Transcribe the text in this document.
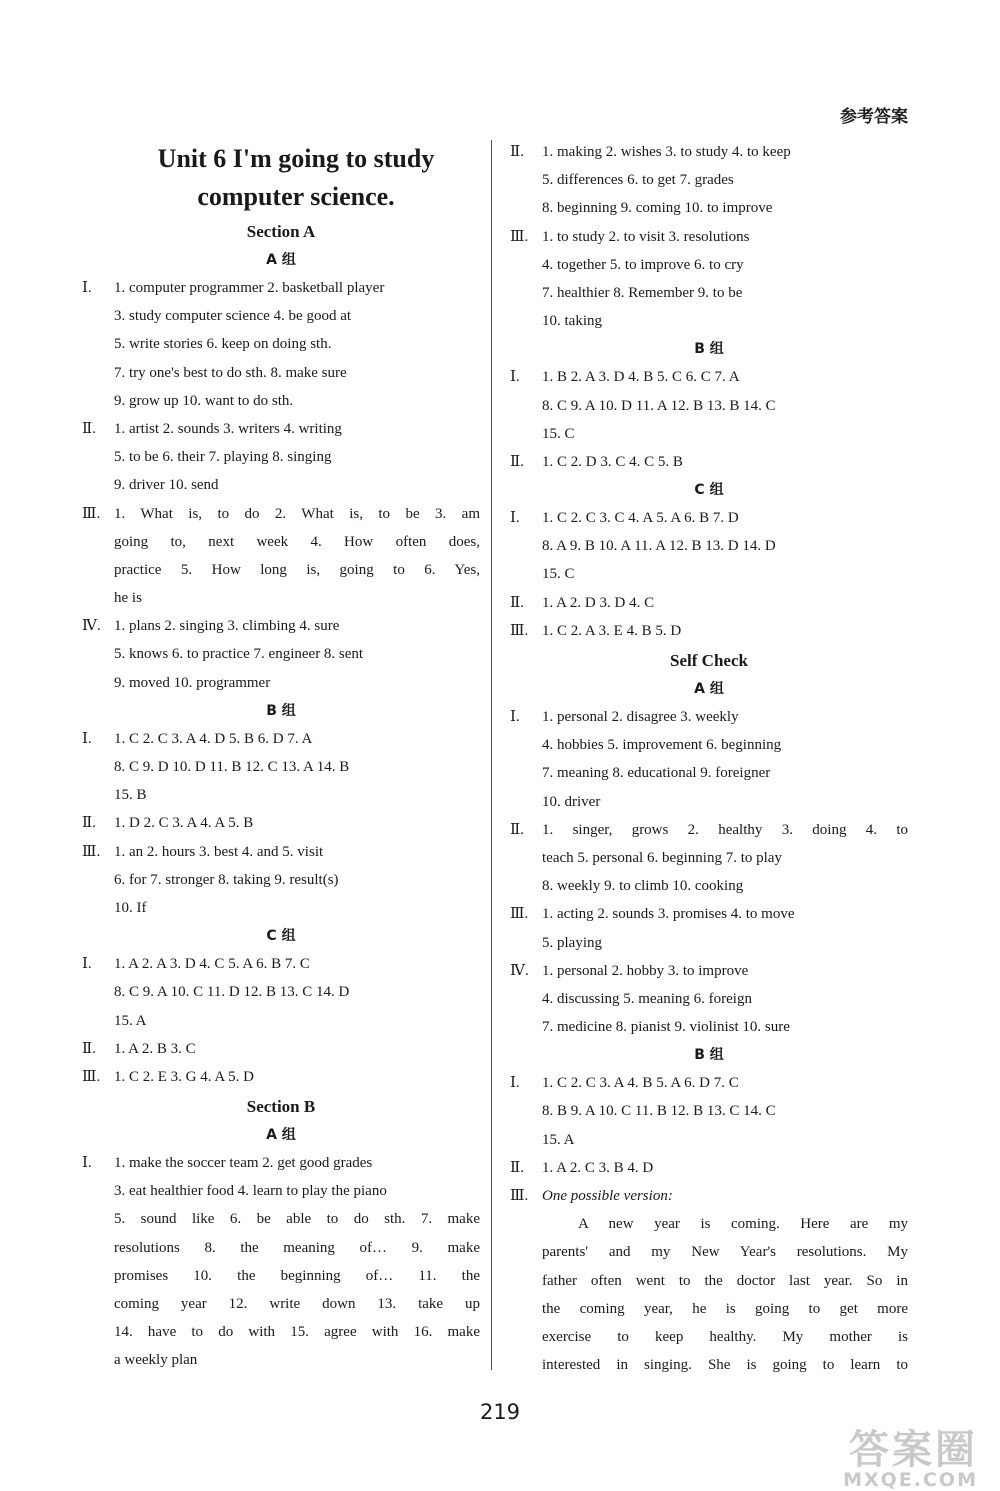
参考答案
Unit 6 I'm going to study
computer science.
Section A
A 组
Ⅰ. 1. computer programmer 2. basketball player
3. study computer science 4. be good at
5. write stories 6. keep on doing sth.
7. try one's best to do sth. 8. make sure
9. grow up 10. want to do sth.
Ⅱ. 1. artist 2. sounds 3. writers 4. writing
5. to be 6. their 7. playing 8. singing
9. driver 10. send
Ⅲ. 1. What is, to do 2. What is, to be 3. am
going to, next week 4. How often does,
practice 5. How long is, going to 6. Yes,
he is
Ⅳ. 1. plans 2. singing 3. climbing 4. sure
5. knows 6. to practice 7. engineer 8. sent
9. moved 10. programmer
B 组
Ⅰ. 1. C 2. C 3. A 4. D 5. B 6. D 7. A
8. C 9. D 10. D 11. B 12. C 13. A 14. B
15. B
Ⅱ. 1. D 2. C 3. A 4. A 5. B
Ⅲ. 1. an 2. hours 3. best 4. and 5. visit
6. for 7. stronger 8. taking 9. result(s)
10. If
C 组
Ⅰ. 1. A 2. A 3. D 4. C 5. A 6. B 7. C
8. C 9. A 10. C 11. D 12. B 13. C 14. D
15. A
Ⅱ. 1. A 2. B 3. C
Ⅲ. 1. C 2. E 3. G 4. A 5. D
Section B
A 组
Ⅰ. 1. make the soccer team 2. get good grades
3. eat healthier food 4. learn to play the piano
5. sound like 6. be able to do sth. 7. make
resolutions 8. the meaning of… 9. make
promises 10. the beginning of… 11. the
coming year 12. write down 13. take up
14. have to do with 15. agree with 16. make
a weekly plan
Ⅱ. 1. making 2. wishes 3. to study 4. to keep
5. differences 6. to get 7. grades
8. beginning 9. coming 10. to improve
Ⅲ. 1. to study 2. to visit 3. resolutions
4. together 5. to improve 6. to cry
7. healthier 8. Remember 9. to be
10. taking
B 组
Ⅰ. 1. B 2. A 3. D 4. B 5. C 6. C 7. A
8. C 9. A 10. D 11. A 12. B 13. B 14. C
15. C
Ⅱ. 1. C 2. D 3. C 4. C 5. B
C 组
Ⅰ. 1. C 2. C 3. C 4. A 5. A 6. B 7. D
8. A 9. B 10. A 11. A 12. B 13. D 14. D
15. C
Ⅱ. 1. A 2. D 3. D 4. C
Ⅲ. 1. C 2. A 3. E 4. B 5. D
Self Check
A 组
Ⅰ. 1. personal 2. disagree 3. weekly
4. hobbies 5. improvement 6. beginning
7. meaning 8. educational 9. foreigner
10. driver
Ⅱ. 1. singer, grows 2. healthy 3. doing 4. to
teach 5. personal 6. beginning 7. to play
8. weekly 9. to climb 10. cooking
Ⅲ. 1. acting 2. sounds 3. promises 4. to move
5. playing
Ⅳ. 1. personal 2. hobby 3. to improve
4. discussing 5. meaning 6. foreign
7. medicine 8. pianist 9. violinist 10. sure
B 组
Ⅰ. 1. C 2. C 3. A 4. B 5. A 6. D 7. C
8. B 9. A 10. C 11. B 12. B 13. C 14. C
15. A
Ⅱ. 1. A 2. C 3. B 4. D
Ⅲ. One possible version:
A new year is coming. Here are my
parents' and my New Year's resolutions. My
father often went to the doctor last year. So in
the coming year, he is going to get more
exercise to keep healthy. My mother is
interested in singing. She is going to learn to
219
答案圈
MXQE.COM
